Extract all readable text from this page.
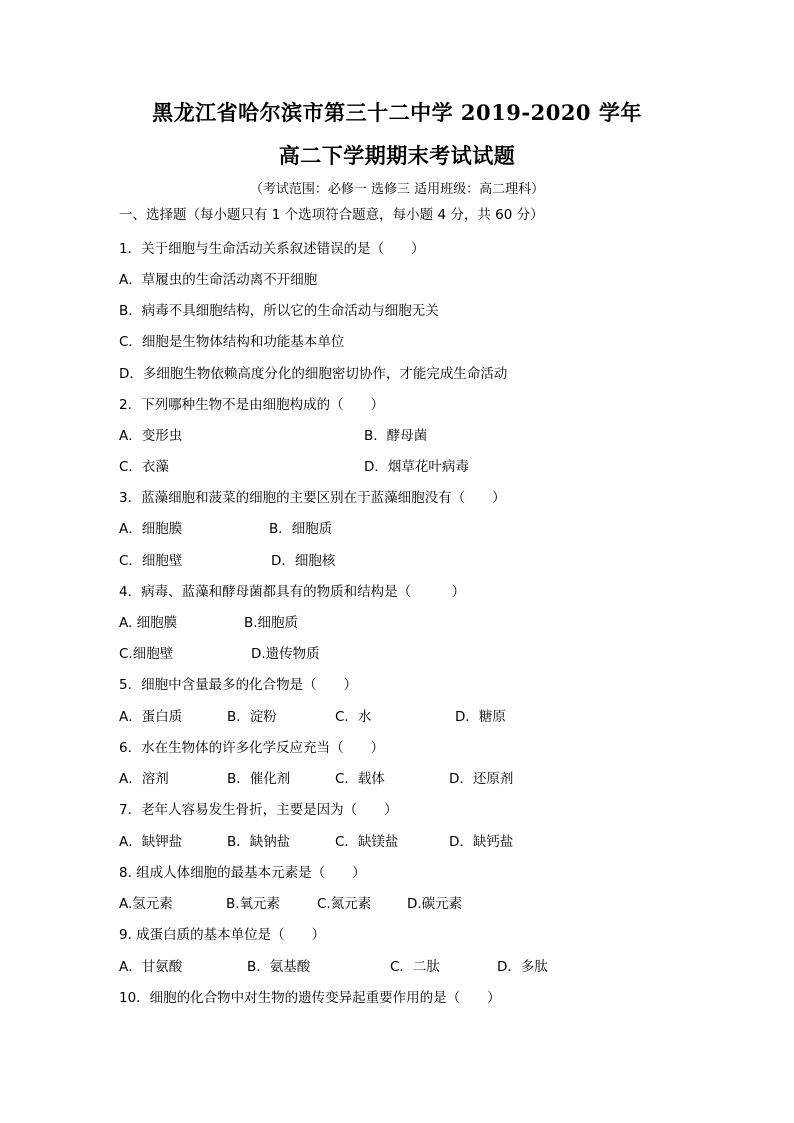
黑龙江省哈尔滨市第三十二中学 2019-2020 学年
高二下学期期末考试试题
（考试范围：必修一 选修三 适用班级：高二理科）
一、选择题（每小题只有 1 个选项符合题意，每小题 4 分，共 60 分）
1．关于细胞与生命活动关系叙述错误的是（　　）
A．草履虫的生命活动离不开细胞
B．病毒不具细胞结构，所以它的生命活动与细胞无关
C．细胞是生物体结构和功能基本单位
D．多细胞生物依赖高度分化的细胞密切协作，才能完成生命活动
2．下列哪种生物不是由细胞构成的（　　）
A．变形虫	B．酵母菌
C．衣藻	D．烟草花叶病毒
3．蓝藻细胞和菠菜的细胞的主要区别在于蓝藻细胞没有（　　）
A．细胞膜	B．细胞质
C．细胞壁	D．细胞核
4．病毒、蓝藻和酵母菌都具有的物质和结构是（　　　）
A. 细胞膜	B.细胞质
C.细胞壁	D.遗传物质
5．细胞中含量最多的化合物是（　　）
A．蛋白质	B．淀粉	C．水	D．糖原
6．水在生物体的许多化学反应充当（　　）
A．溶剂	B．催化剂	C．载体	D．还原剂
7．老年人容易发生骨折，主要是因为（　　）
A．缺钾盐	B．缺钠盐	C．缺镁盐	D．缺钙盐
8. 组成人体细胞的最基本元素是（　　）
A.氢元素	B.氧元素	C.氮元素	D.碳元素
9. 成蛋白质的基本单位是（　　）
A．甘氨酸	B．氨基酸	C．二肽	D．多肽
10．细胞的化合物中对生物的遗传变异起重要作用的是（　　）
